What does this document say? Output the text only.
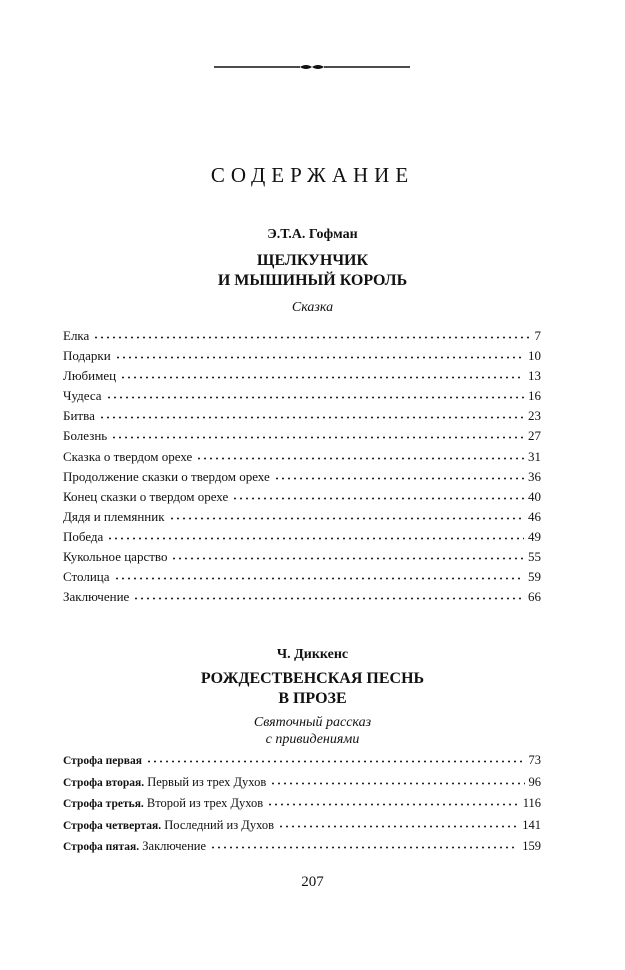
СОДЕРЖАНИЕ
Э.Т.А. Гофман
ЩЕЛКУНЧИК
И МЫШИНЫЙ КОРОЛЬ
Сказка
Елка	7
Подарки	10
Любимец	13
Чудеса	16
Битва	23
Болезнь	27
Сказка о твердом орехе	31
Продолжение сказки о твердом орехе	36
Конец сказки о твердом орехе	40
Дядя и племянник	46
Победа	49
Кукольное царство	55
Столица	59
Заключение	66
Ч. Диккенс
РОЖДЕСТВЕНСКАЯ ПЕСНЬ
В ПРОЗЕ
Святочный рассказ
с привидениями
Строфа первая	73
Строфа вторая. Первый из трех Духов	96
Строфа третья. Второй из трех Духов	116
Строфа четвертая. Последний из Духов	141
Строфа пятая. Заключение	159
207
